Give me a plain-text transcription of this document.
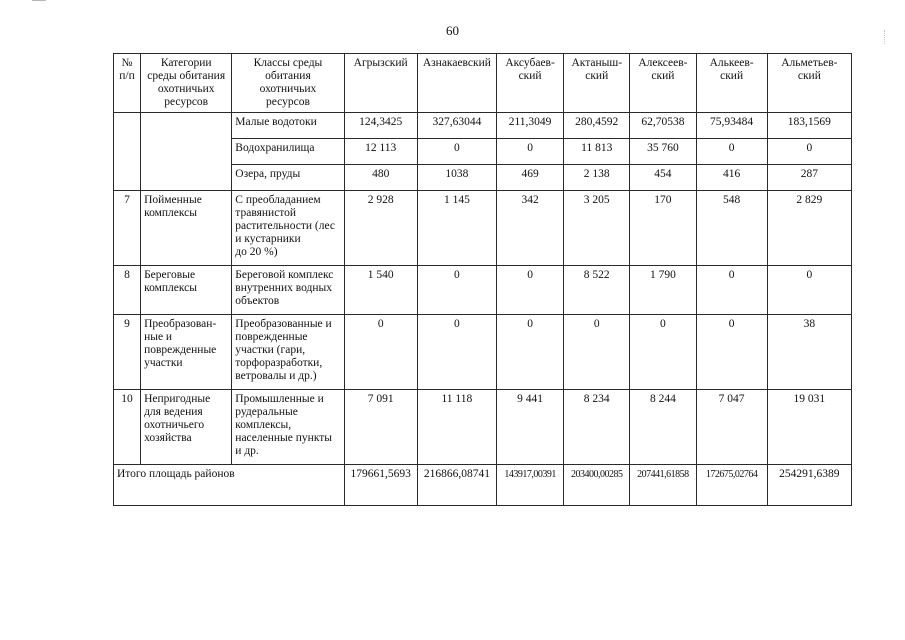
60
№
п/п	Категории
среды обитания
охотничьих
ресурсов	Классы среды
обитания
охотничьих
ресурсов	Агрызский	Азнакаевский	Аксубаев-
ский	Актаныш-
ский	Алексеев-
ский	Алькеев-
ский	Альметьев-
ский
		Малые водотоки	124,3425	327,63044	211,3049	280,4592	62,70538	75,93484	183,1569
		Водохранилища	12 113	0	0	11 813	35 760	0	0
		Озера, пруды	480	1038	469	2 138	454	416	287
7	Пойменные
комплексы	С преобладанием
травянистой
растительности (лес
и кустарники
до 20 %)	2 928	1 145	342	3 205	170	548	2 829
8	Береговые
комплексы	Береговой комплекс
внутренних водных
объектов	1 540	0	0	8 522	1 790	0	0
9	Преобразован-
ные и
поврежденные
участки	Преобразованные и
поврежденные
участки (гари,
торфоразработки,
ветровалы и др.)	0	0	0	0	0	0	38
10	Непригодные
для ведения
охотничьего
хозяйства	Промышленные и
рудеральные
комплексы,
населенные пункты
и др.	7 091	11 118	9 441	8 234	8 244	7 047	19 031
Итого площадь районов			179661,5693	216866,08741	143917,00391	203400,00285	207441,61858	172675,02764	254291,6389
